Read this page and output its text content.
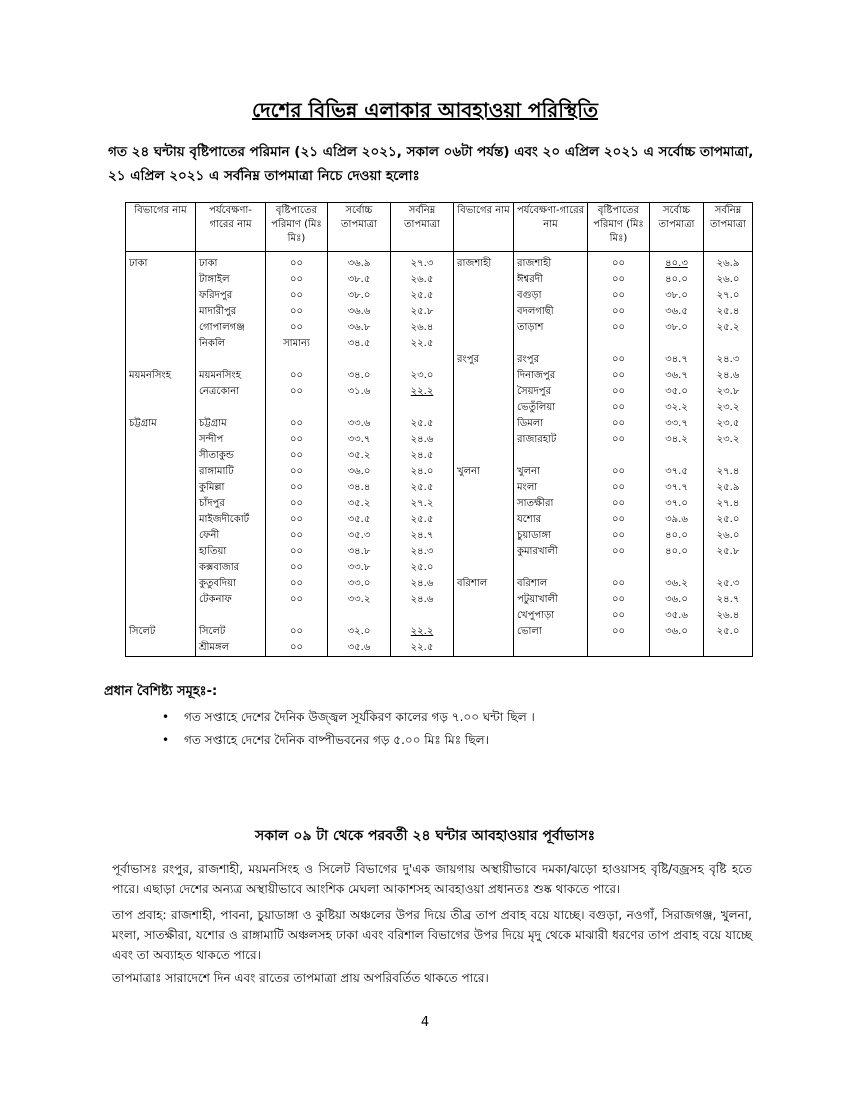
দেশের বিভিন্ন এলাকার আবহাওয়া পরিস্থিতি
গত ২৪ ঘন্টায় বৃষ্টিপাতের পরিমান (২১ এপ্রিল ২০২১, সকাল ০৬টা পর্যন্ত) এবং ২০ এপ্রিল ২০২১ এ সর্বোচ্চ তাপমাত্রা, ২১ এপ্রিল ২০২১ এ সর্বনিম্ন তাপমাত্রা নিচে দেওয়া হলোঃ
বিভাগের নাম	পর্যবেক্ষণা-গারের নাম	বৃষ্টিপাতের পরিমাণ (মিঃ মিঃ)	সর্বোচ্চ তাপমাত্রা	সর্বনিম্ন তাপমাত্রা	বিভাগের নাম	পর্যবেক্ষণা-গারের নাম	বৃষ্টিপাতের পরিমাণ (মিঃ মিঃ)	সর্বোচ্চ তাপমাত্রা	সর্বনিম্ন তাপমাত্রা
ঢাকা	ঢাকা	০০	৩৬.৯	২৭.৩	রাজশাহী	রাজশাহী	০০	৪০.৩	২৬.৯
	টাঙ্গাইল	০০	৩৮.৫	২৬.৫		ঈশ্বরদী	০০	৪০.০	২৬.০
	ফরিদপুর	০০	৩৮.০	২৫.৫		বগুড়া	০০	৩৮.০	২৭.০
	মাদারীপুর	০০	৩৬.৬	২৫.৮		বদলগাছী	০০	৩৬.৫	২৫.৪
	গোপালগঞ্জ	০০	৩৬.৮	২৬.৪		তাড়াশ	০০	৩৮.০	২৫.২
	নিকলি	সামান্য	৩৪.৫	২২.৫					
					রংপুর	রংপুর	০০	৩৪.৭	২৪.৩
ময়মনসিংহ	ময়মনসিংহ	০০	৩৪.০	২৩.০		দিনাজপুর	০০	৩৬.৭	২৪.৬
	নেত্রকোনা	০০	৩১.৬	২২.২		সৈয়দপুর	০০	৩৫.০	২৩.৮
						ভেতুঁলিয়া	০০	৩২.২	২৩.২
চট্টগ্রাম	চট্টগ্রাম	০০	৩৩.৬	২৫.৫		ডিমলা	০০	৩৩.৭	২৩.৫
	সন্দীপ	০০	৩৩.৭	২৪.৬		রাজারহাট	০০	৩৪.২	২৩.২
	সীতাকুন্ড	০০	৩৫.২	২৪.৫					
	রাঙ্গামাটি	০০	৩৬.০	২৪.০	খুলনা	খুলনা	০০	৩৭.৫	২৭.৪
	কুমিল্লা	০০	৩৪.৪	২৫.৫		মংলা	০০	৩৭.৭	২৫.৯
	চাঁদপুর	০০	৩৫.২	২৭.২		সাতক্ষীরা	০০	৩৭.০	২৭.৪
	মাইজদীকোর্ট	০০	৩৫.৫	২৫.৫		যশোর	০০	৩৯.৬	২৫.০
	ফেনী	০০	৩৫.৩	২৪.৭		চুয়াডাঙ্গা	০০	৪০.০	২৬.০
	হাতিয়া	০০	৩৪.৮	২৪.৩		কুমারখালী	০০	৪০.০	২৫.৮
	কক্সবাজার	০০	৩৩.৮	২৫.০					
	কুতুবদিয়া	০০	৩৩.০	২৪.৬	বরিশাল	বরিশাল	০০	৩৬.২	২৫.৩
	টেকনাফ	০০	৩৩.২	২৪.৬		পটুয়াখালী	০০	৩৬.০	২৪.৭
						খেপুপাড়া	০০	৩৫.৬	২৬.৪
সিলেট	সিলেট	০০	৩২.০	২২.২		ভোলা	০০	৩৬.০	২৫.০
	শ্রীমঙ্গল	০০	৩৫.৬	২২.৫					
প্রধান বৈশিষ্ট্য সমূহঃ-:
• গত সপ্তাহে দেশের দৈনিক উজ্জ্বল সূর্যকিরণ কালের গড় ৭.০০ ঘন্টা ছিল ।
• গত সপ্তাহে দেশের দৈনিক বাষ্পীভবনের গড় ৫.০০ মিঃ মিঃ ছিল।
সকাল ০৯ টা থেকে পরবর্তী ২৪ ঘন্টার আবহাওয়ার পূর্বাভাসঃ
পূর্বাভাসঃ রংপুর, রাজশাহী, ময়মনসিংহ ও সিলেট বিভাগের দু'এক জায়গায় অস্থায়ীভাবে দমকা/ঝড়ো হাওয়াসহ বৃষ্টি/বজ্রসহ বৃষ্টি হতে পারে। এছাড়া দেশের অন্যত্র অস্থায়ীভাবে আংশিক মেঘলা আকাশসহ আবহাওয়া প্রধানতঃ শুষ্ক থাকতে পারে।
তাপ প্রবাহ: রাজশাহী, পাবনা, চুয়াডাঙ্গা ও কুষ্টিয়া অঞ্চলের উপর দিয়ে তীব্র তাপ প্রবাহ বয়ে যাচ্ছে। বগুড়া, নওগাঁ, সিরাজগঞ্জ, খুলনা, মংলা, সাতক্ষীরা, যশোর ও রাঙ্গামাটি অঞ্চলসহ ঢাকা এবং বরিশাল বিভাগের উপর দিয়ে মৃদু থেকে মাঝারী ধরণের তাপ প্রবাহ বয়ে যাচ্ছে এবং তা অব্যাহত থাকতে পারে।
তাপমাত্রাঃ সারাদেশে দিন এবং রাতের তাপমাত্রা প্রায় অপরিবর্তিত থাকতে পারে।
4
